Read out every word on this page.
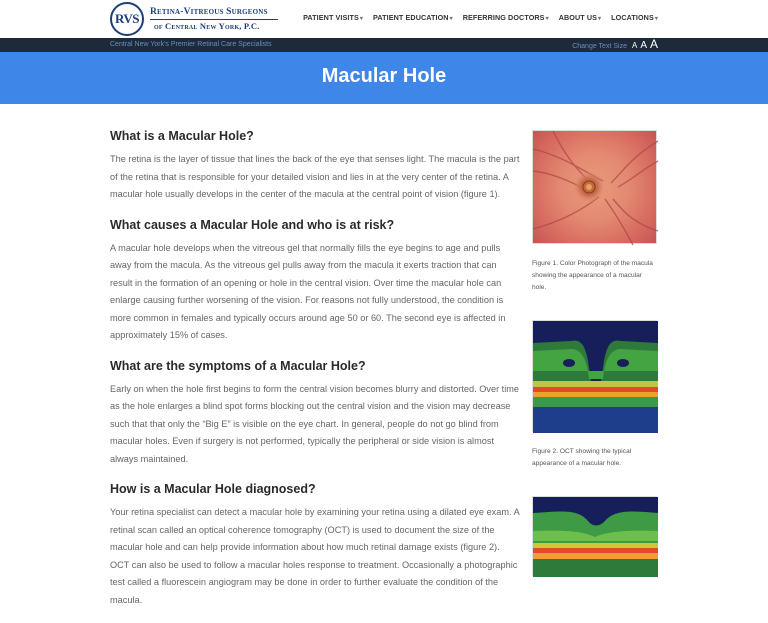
RVS	Retina-Vitreous Surgeons
of Central New York, P.C.
PATIENT VISITS▾ PATIENT EDUCATION▾ REFERRING DOCTORS▾ ABOUT US▾ LOCATIONS▾
Central New York's Premier Retinal Care Specialists	Change Text Size A A A
Macular Hole
What is a Macular Hole?

The retina is the layer of tissue that lines the back of the eye that senses light. The macula is the part of the retina that is responsible for your detailed vision and lies in at the very center of the retina. A macular hole usually develops in the center of the macula at the central point of vision (figure 1).

What causes a Macular Hole and who is at risk?

A macular hole develops when the vitreous gel that normally fills the eye begins to age and pulls away from the macula. As the vitreous gel pulls away from the macula it exerts traction that can result in the formation of an opening or hole in the central vision. Over time the macular hole can enlarge causing further worsening of the vision. For reasons not fully understood, the condition is more common in females and typically occurs around age 50 or 60. The second eye is affected in approximately 15% of cases.

What are the symptoms of a Macular Hole?

Early on when the hole first begins to form the central vision becomes blurry and distorted. Over time as the hole enlarges a blind spot forms blocking out the central vision and the vision may decrease such that that only the “Big E” is visible on the eye chart. In general, people do not go blind from macular holes. Even if surgery is not performed, typically the peripheral or side vision is almost always maintained.

How is a Macular Hole diagnosed?

Your retina specialist can detect a macular hole by examining your retina using a dilated eye exam. A retinal scan called an optical coherence tomography (OCT) is used to document the size of the macular hole and can help provide information about how much retinal damage exists (figure 2). OCT can also be used to follow a macular holes response to treatment. Occasionally a photographic test called a fluorescein angiogram may be done in order to further evaluate the condition of the macula.

Figure 1. Color Photograph of the macula showing the appearance of a macular hole.
Figure 2. OCT showing the typical appearance of a macular hole.
